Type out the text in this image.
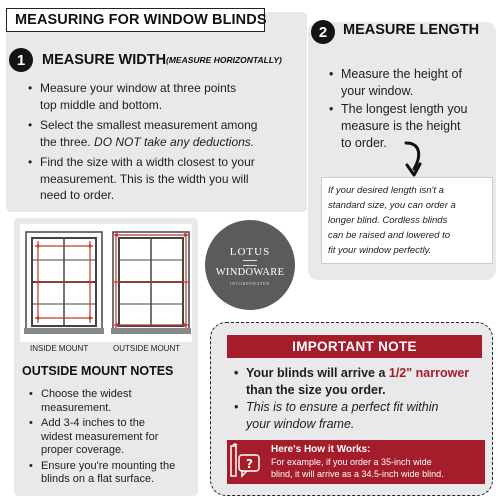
MEASURING FOR WINDOW BLINDS
1	MEASURE WIDTH (MEASURE HORIZONTALLY)
• Measure your window at three points
top middle and bottom.
• Select the smallest measurement among
the three. DO NOT take any deductions.
• Find the size with a width closest to your
measurement. This is the width you will
need to order.
2	MEASURE LENGTH
• Measure the height of
your window.
• The longest length you
measure is the height
to order.
If your desired length isn't a
standard size, you can order a
longer blind. Cordless blinds
can be raised and lowered to
fit your window perfectly.
INSIDE MOUNT	OUTSIDE MOUNT
OUTSIDE MOUNT NOTES
• Choose the widest
measurement.
• Add 3-4 inches to the
widest measurement for
proper coverage.
• Ensure you're mounting the
blinds on a flat surface.
LOTUS
WINDOWARE
INCORPORATED
IMPORTANT NOTE
• Your blinds will arrive a 1/2" narrower
than the size you order.
• This is to ensure a perfect fit within
your window frame.
?
Here's How it Works:
For example, if you order a 35-inch wide
blind, it will arrive as a 34.5-inch wide blind.
